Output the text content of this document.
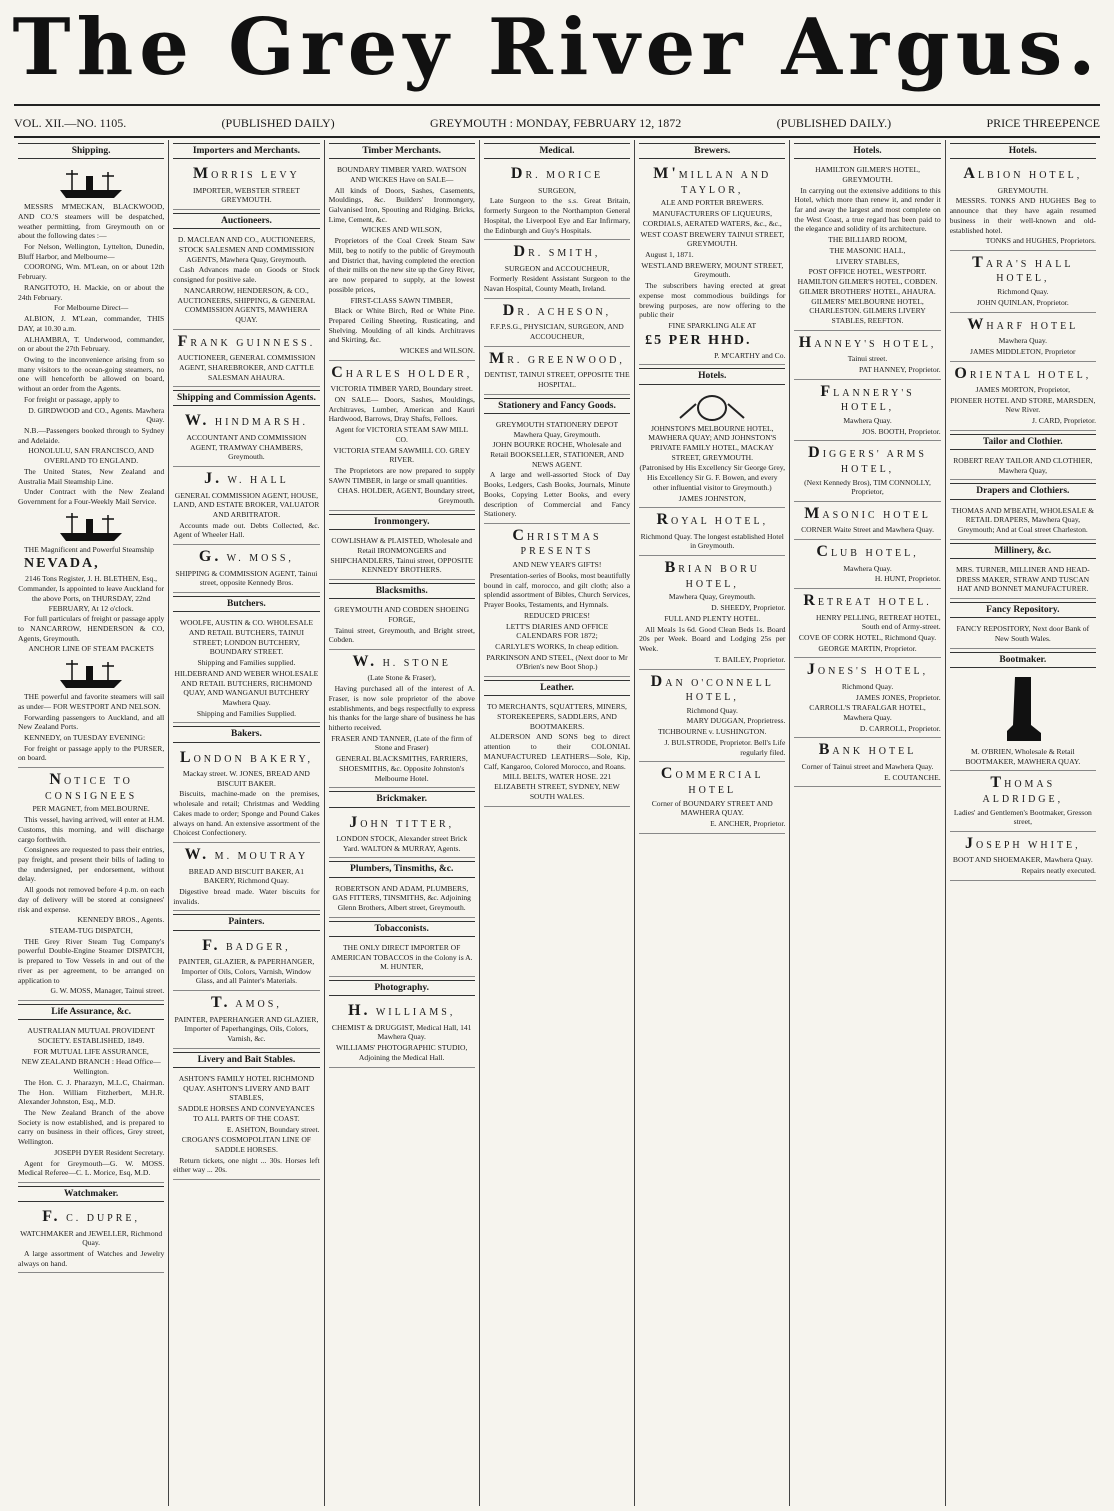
The Grey River Argus.
VOL. XII.—NO. 1105.	(PUBLISHED DAILY)	GREYMOUTH : MONDAY, FEBRUARY 12, 1872	(PUBLISHED DAILY.)	PRICE THREEPENCE
Shipping.

MESSRS M'MECKAN, BLACKWOOD, AND CO.'S steamers will be despatched, weather permitting, from Greymouth on or about the following dates :—

For Nelson, Wellington, Lyttelton, Dunedin, Bluff Harbor, and Melbourne—

COORONG, Wm. M'Lean, on or about 12th February.

RANGITOTO, H. Mackie, on or about the 24th February.

For Melbourne Direct—

ALBION, J. M'Lean, commander, THIS DAY, at 10.30 a.m.

ALHAMBRA, T. Underwood, commander, on or about the 27th February.

Owing to the inconvenience arising from so many visitors to the ocean-going steamers, no one will henceforth be allowed on board, without an order from the Agents.

For freight or passage, apply to

D. GIRDWOOD and CO., Agents. Mawhera Quay.

N.B.—Passengers booked through to Sydney and Adelaide.

HONOLULU, SAN FRANCISCO, AND OVERLAND TO ENGLAND.

The United States, New Zealand and Australia Mail Steamship Line.

Under Contract with the New Zealand Government for a Four-Weekly Mail Service.

THE Magnificent and Powerful Steamship

NEVADA,

2146 Tons Register, J. H. BLETHEN, Esq., Commander, Is appointed to leave Auckland for the above Ports, on THURSDAY, 22nd FEBRUARY, At 12 o'clock.

For full particulars of freight or passage apply to NANCARROW, HENDERSON & CO, Agents, Greymouth.

ANCHOR LINE OF STEAM PACKETS

THE powerful and favorite steamers will sail as under— FOR WESTPORT AND NELSON.

Forwarding passengers to Auckland, and all New Zealand Ports.

KENNEDY, on TUESDAY EVENING:

For freight or passage apply to the PURSER, on board.

NOTICE TO CONSIGNEES

PER MAGNET, from MELBOURNE.

This vessel, having arrived, will enter at H.M. Customs, this morning, and will discharge cargo forthwith.

Consignees are requested to pass their entries, pay freight, and present their bills of lading to the undersigned, per endorsement, without delay.

All goods not removed before 4 p.m. on each day of delivery will be stored at consignees' risk and expense.

KENNEDY BROS., Agents.

STEAM-TUG DISPATCH,

THE Grey River Steam Tug Company's powerful Double-Engine Steamer DISPATCH, is prepared to Tow Vessels in and out of the river as per agreement, to be arranged on application to

G. W. MOSS, Manager, Tainui street.

Life Assurance, &c.

AUSTRALIAN MUTUAL PROVIDENT SOCIETY. ESTABLISHED, 1849.

FOR MUTUAL LIFE ASSURANCE,

NEW ZEALAND BRANCH : Head Office—Wellington.

The Hon. C. J. Pharazyn, M.L.C, Chairman. The Hon. William Fitzherbert, M.H.R. Alexander Johnston, Esq., M.D.

The New Zealand Branch of the above Society is now established, and is prepared to carry on business in their offices, Grey street, Wellington.

JOSEPH DYER Resident Secretary.

Agent for Greymouth—G. W. MOSS. Medical Referee—C. L. Morice, Esq, M.D.

Watchmaker.
F. C. DUPRE,

WATCHMAKER and JEWELLER, Richmond Quay.

A large assortment of Watches and Jewelry always on hand.

Importers and Merchants.
MORRIS LEVY

IMPORTER, WEBSTER STREET GREYMOUTH.

Auctioneers.

D. MACLEAN AND CO., AUCTIONEERS, STOCK SALESMEN AND COMMISSION AGENTS, Mawhera Quay, Greymouth.

Cash Advances made on Goods or Stock consigned for positive sale.

NANCARROW, HENDERSON, & CO., AUCTIONEERS, SHIPPING, & GENERAL COMMISSION AGENTS, MAWHERA QUAY.

FRANK GUINNESS.

AUCTIONEER, GENERAL COMMISSION AGENT, SHAREBROKER, AND CATTLE SALESMAN AHAURA.

Shipping and Commission Agents.
W. HINDMARSH.

ACCOUNTANT AND COMMISSION AGENT, TRAMWAY CHAMBERS, Greymouth.

J. W. HALL

GENERAL COMMISSION AGENT, HOUSE, LAND, AND ESTATE BROKER, VALUATOR AND ARBITRATOR.

Accounts made out. Debts Collected, &c. Agent of Wheeler Hall.

G. W. MOSS,

SHIPPING & COMMISSION AGENT, Tainui street, opposite Kennedy Bros.

Butchers.

WOOLFE, AUSTIN & CO. WHOLESALE AND RETAIL BUTCHERS, TAINUI STREET; LONDON BUTCHERY, BOUNDARY STREET.

Shipping and Families supplied.

HILDEBRAND AND WEBER WHOLESALE AND RETAIL BUTCHERS, RICHMOND QUAY, AND WANGANUI BUTCHERY Mawhera Quay.

Shipping and Families Supplied.

Bakers.
LONDON BAKERY,

Mackay street. W. JONES, BREAD AND BISCUIT BAKER.

Biscuits, machine-made on the premises, wholesale and retail; Christmas and Wedding Cakes made to order; Sponge and Pound Cakes always on hand. An extensive assortment of the Choicest Confectionery.

W. M. MOUTRAY

BREAD AND BISCUIT BAKER, A1 BAKERY, Richmond Quay.

Digestive bread made. Water biscuits for invalids.

Painters.
F. BADGER,

PAINTER, GLAZIER, & PAPERHANGER, Importer of Oils, Colors, Varnish, Window Glass, and all Painter's Materials.

T. AMOS,

PAINTER, PAPERHANGER AND GLAZIER, Importer of Paperhangings, Oils, Colors, Varnish, &c.

Livery and Bait Stables.

ASHTON'S FAMILY HOTEL RICHMOND QUAY. ASHTON'S LIVERY AND BAIT STABLES,

SADDLE HORSES AND CONVEYANCES TO ALL PARTS OF THE COAST.

E. ASHTON, Boundary street.

CROGAN'S COSMOPOLITAN LINE OF SADDLE HORSES.

Return tickets, one night ... 30s. Horses left either way ... 20s.

Timber Merchants.

BOUNDARY TIMBER YARD. WATSON AND WICKES Have on SALE—

All kinds of Doors, Sashes, Casements, Mouldings, &c. Builders' Ironmongery, Galvanised Iron, Spouting and Ridging. Bricks, Lime, Cement, &c.

WICKES AND WILSON,

Proprietors of the Coal Creek Steam Saw Mill, beg to notify to the public of Greymouth and District that, having completed the erection of their mills on the new site up the Grey River, are now prepared to supply, at the lowest possible prices,

FIRST-CLASS SAWN TIMBER,

Black or White Birch, Red or White Pine. Prepared Ceiling Sheeting, Rusticating, and Shelving. Moulding of all kinds. Architraves and Skirting, &c.

WICKES and WILSON.

CHARLES HOLDER,

VICTORIA TIMBER YARD, Boundary street.

ON SALE— Doors, Sashes, Mouldings, Architraves, Lumber, American and Kauri Hardwood, Barrows, Dray Shafts, Felloes.

Agent for VICTORIA STEAM SAW MILL CO.

VICTORIA STEAM SAWMILL CO. GREY RIVER.

The Proprietors are now prepared to supply SAWN TIMBER, in large or small quantities.

CHAS. HOLDER, AGENT, Boundary street, Greymouth.

Ironmongery.

COWLISHAW & PLAISTED, Wholesale and Retail IRONMONGERS and SHIPCHANDLERS, Tainui street, OPPOSITE KENNEDY BROTHERS.

Blacksmiths.

GREYMOUTH AND COBDEN SHOEING FORGE,

Tainui street, Greymouth, and Bright street, Cobden.

W. H. STONE

(Late Stone & Fraser),

Having purchased all of the interest of A. Fraser, is now sole proprietor of the above establishments, and begs respectfully to express his thanks for the large share of business he has hitherto received.

FRASER AND TANNER, (Late of the firm of Stone and Fraser)

GENERAL BLACKSMITHS, FARRIERS, SHOESMITHS, &c. Opposite Johnston's Melbourne Hotel.

Brickmaker.
JOHN TITTER,

LONDON STOCK, Alexander street Brick Yard. WALTON & MURRAY, Agents.

Plumbers, Tinsmiths, &c.

ROBERTSON AND ADAM, PLUMBERS, GAS FITTERS, TINSMITHS, &c. Adjoining Glenn Brothers, Albert street, Greymouth.

Tobacconists.

THE ONLY DIRECT IMPORTER OF AMERICAN TOBACCOS in the Colony is A. M. HUNTER,

Photography.
H. WILLIAMS,

CHEMIST & DRUGGIST, Medical Hall, 141 Mawhera Quay.

WILLIAMS' PHOTOGRAPHIC STUDIO, Adjoining the Medical Hall.

Medical.
DR. MORICE

SURGEON,

Late Surgeon to the s.s. Great Britain, formerly Surgeon to the Northampton General Hospital, the Liverpool Eye and Ear Infirmary, the Edinburgh and Guy's Hospitals.

DR. SMITH,

SURGEON and ACCOUCHEUR,

Formerly Resident Assistant Surgeon to the Navan Hospital, County Meath, Ireland.

DR. ACHESON,

F.F.P.S.G., PHYSICIAN, SURGEON, AND ACCOUCHEUR,

MR. GREENWOOD,

DENTIST, TAINUI STREET, OPPOSITE THE HOSPITAL.

Stationery and Fancy Goods.

GREYMOUTH STATIONERY DEPOT Mawhera Quay, Greymouth.

JOHN BOURKE ROCHE, Wholesale and Retail BOOKSELLER, STATIONER, AND NEWS AGENT.

A large and well-assorted Stock of Day Books, Ledgers, Cash Books, Journals, Minute Books, Copying Letter Books, and every description of Commercial and Fancy Stationery.

CHRISTMAS PRESENTS

AND NEW YEAR'S GIFTS!

Presentation-series of Books, most beautifully bound in calf, morocco, and gilt cloth; also a splendid assortment of Bibles, Church Services, Prayer Books, Testaments, and Hymnals.

REDUCED PRICES!

LETT'S DIARIES AND OFFICE CALENDARS FOR 1872;

CARLYLE'S WORKS, In cheap edition.

PARKINSON AND STEEL, (Next door to Mr O'Brien's new Boot Shop.)

Leather.

TO MERCHANTS, SQUATTERS, MINERS, STOREKEEPERS, SADDLERS, AND BOOTMAKERS.

ALDERSON AND SONS beg to direct attention to their COLONIAL MANUFACTURED LEATHERS—Sole, Kip, Calf, Kangaroo, Colored Morocco, and Roans.

MILL BELTS, WATER HOSE. 221 ELIZABETH STREET, SYDNEY, NEW SOUTH WALES.

Brewers.
M'MILLAN AND TAYLOR,

ALE AND PORTER BREWERS.

MANUFACTURERS OF LIQUEURS, CORDIALS, AERATED WATERS, &c., &c.,

WEST COAST BREWERY TAINUI STREET, GREYMOUTH.

August 1, 1871.

WESTLAND BREWERY, MOUNT STREET, Greymouth.

The subscribers having erected at great expense most commodious buildings for brewing purposes, are now offering to the public their

FINE SPARKLING ALE AT

£5 PER HHD.

P. M'CARTHY and Co.

Hotels.

JOHNSTON'S MELBOURNE HOTEL, MAWHERA QUAY; AND JOHNSTON'S PRIVATE FAMILY HOTEL, MACKAY STREET, GREYMOUTH.

(Patronised by His Excellency Sir George Grey, His Excellency Sir G. F. Bowen, and every other influential visitor to Greymouth.)

JAMES JOHNSTON,

ROYAL HOTEL,

Richmond Quay. The longest established Hotel in Greymouth.

BRIAN BORU HOTEL,

Mawhera Quay, Greymouth.

D. SHEEDY, Proprietor.

FULL AND PLENTY HOTEL.

All Meals 1s 6d. Good Clean Beds 1s. Board 20s per Week. Board and Lodging 25s per Week.

T. BAILEY, Proprietor.

DAN O'CONNELL HOTEL,

Richmond Quay.

MARY DUGGAN, Proprietress.

TICHBOURNE v. LUSHINGTON.

J. BULSTRODE, Proprietor. Bell's Life regularly filed.

COMMERCIAL HOTEL

Corner of BOUNDARY STREET AND MAWHERA QUAY.

E. ANCHER, Proprietor.

Hotels.

HAMILTON GILMER'S HOTEL, GREYMOUTH.

In carrying out the extensive additions to this Hotel, which more than renew it, and render it far and away the largest and most complete on the West Coast, a true regard has been paid to the elegance and solidity of its architecture.

THE BILLIARD ROOM,

THE MASONIC HALL,

LIVERY STABLES,

POST OFFICE HOTEL, WESTPORT. HAMILTON GILMER'S HOTEL, COBDEN. GILMER BROTHERS' HOTEL, AHAURA. GILMERS' MELBOURNE HOTEL, CHARLESTON. GILMERS LIVERY STABLES, REEFTON.

HANNEY'S HOTEL,

Tainui street.

PAT HANNEY, Proprietor.

FLANNERY'S HOTEL,

Mawhera Quay.

JOS. BOOTH, Proprietor.

DIGGERS' ARMS HOTEL,

(Next Kennedy Bros), TIM CONNOLLY, Proprietor,

MASONIC HOTEL

CORNER Waite Street and Mawhera Quay.

CLUB HOTEL,

Mawhera Quay.

H. HUNT, Proprietor.

RETREAT HOTEL.

HENRY PELLING, RETREAT HOTEL, South end of Army-street.

COVE OF CORK HOTEL, Richmond Quay.

GEORGE MARTIN, Proprietor.

JONES'S HOTEL,

Richmond Quay.

JAMES JONES, Proprietor.

CARROLL'S TRAFALGAR HOTEL, Mawhera Quay.

D. CARROLL, Proprietor.

BANK HOTEL

Corner of Tainui street and Mawhera Quay.

E. COUTANCHE.

Hotels.
ALBION HOTEL,

GREYMOUTH.

MESSRS. TONKS AND HUGHES Beg to announce that they have again resumed business in their well-known and old-established hotel.

TONKS and HUGHES, Proprietors.

TARA'S HALL HOTEL,

Richmond Quay.

JOHN QUINLAN, Proprietor.

WHARF HOTEL

Mawhera Quay.

JAMES MIDDLETON, Proprietor

ORIENTAL HOTEL,

JAMES MORTON, Proprietor,

PIONEER HOTEL AND STORE, MARSDEN, New River.

J. CARD, Proprietor.

Tailor and Clothier.

ROBERT REAY TAILOR AND CLOTHIER, Mawhera Quay,

Drapers and Clothiers.

THOMAS AND M'BEATH, WHOLESALE & RETAIL DRAPERS, Mawhera Quay, Greymouth; And at Coal street Charleston.

Millinery, &c.

MRS. TURNER, MILLINER AND HEAD-DRESS MAKER, STRAW AND TUSCAN HAT AND BONNET MANUFACTURER.

Fancy Repository.

FANCY REPOSITORY, Next door Bank of New South Wales.

Bootmaker.

M. O'BRIEN, Wholesale & Retail BOOTMAKER, MAWHERA QUAY.

THOMAS ALDRIDGE,

Ladies' and Gentlemen's Bootmaker, Gresson street,

JOSEPH WHITE,

BOOT AND SHOEMAKER, Mawhera Quay.

Repairs neatly executed.
